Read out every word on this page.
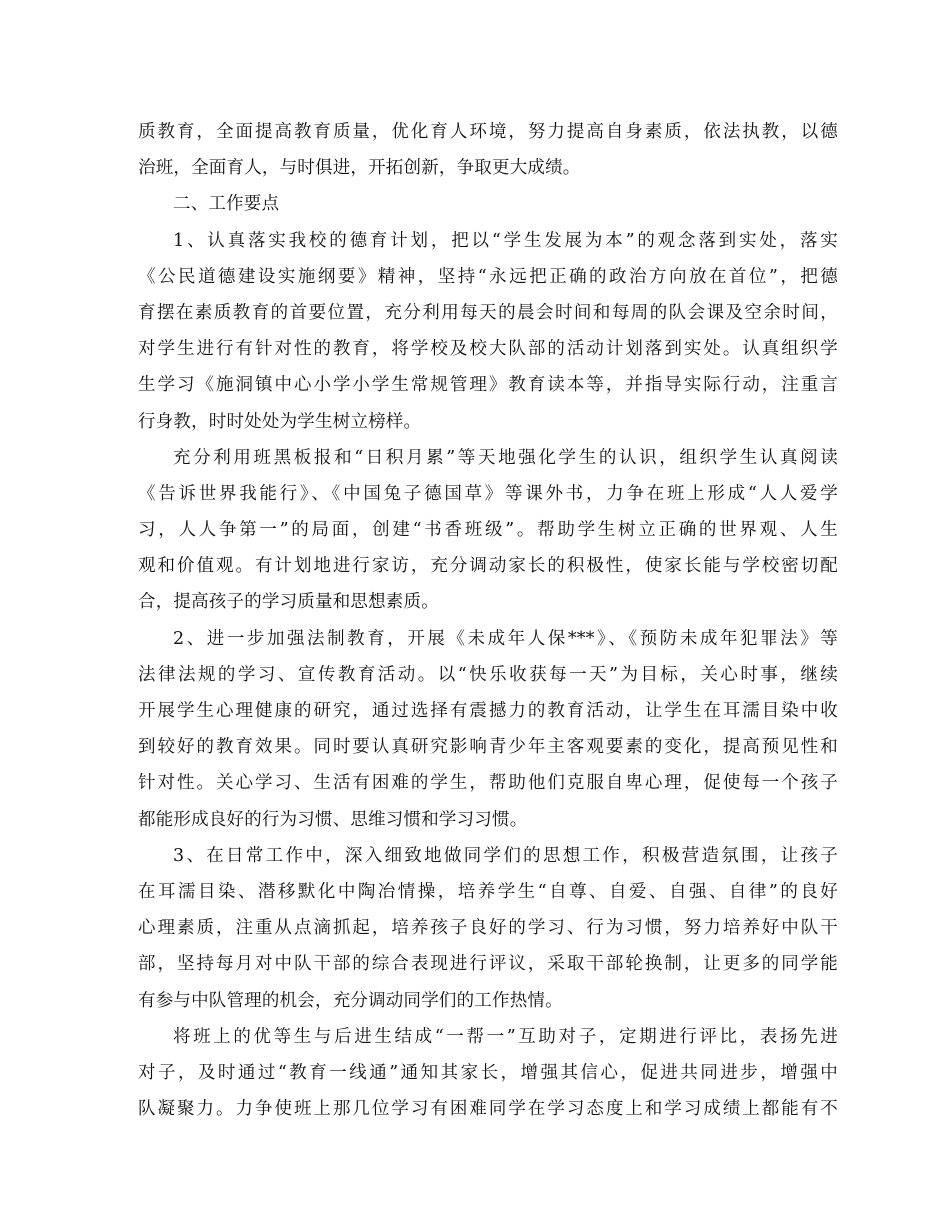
质教育，全面提高教育质量，优化育人环境，努力提高自身素质，依法执教，以德
治班，全面育人，与时俱进，开拓创新，争取更大成绩。
二、工作要点
1、认真落实我校的德育计划，把以“学生发展为本”的观念落到实处，落实
《公民道德建设实施纲要》精神，坚持“永远把正确的政治方向放在首位”，把德
育摆在素质教育的首要位置，充分利用每天的晨会时间和每周的队会课及空余时间，
对学生进行有针对性的教育，将学校及校大队部的活动计划落到实处。认真组织学
生学习《施洞镇中心小学小学生常规管理》教育读本等，并指导实际行动，注重言
行身教，时时处处为学生树立榜样。
充分利用班黑板报和“日积月累”等天地强化学生的认识，组织学生认真阅读
《告诉世界我能行》、《中国兔子德国草》等课外书，力争在班上形成“人人爱学
习，人人争第一”的局面，创建“书香班级”。帮助学生树立正确的世界观、人生
观和价值观。有计划地进行家访，充分调动家长的积极性，使家长能与学校密切配
合，提高孩子的学习质量和思想素质。
2、进一步加强法制教育，开展《未成年人保***》、《预防未成年犯罪法》等
法律法规的学习、宣传教育活动。以“快乐收获每一天”为目标，关心时事，继续
开展学生心理健康的研究，通过选择有震撼力的教育活动，让学生在耳濡目染中收
到较好的教育效果。同时要认真研究影响青少年主客观要素的变化，提高预见性和
针对性。关心学习、生活有困难的学生，帮助他们克服自卑心理，促使每一个孩子
都能形成良好的行为习惯、思维习惯和学习习惯。
3、在日常工作中，深入细致地做同学们的思想工作，积极营造氛围，让孩子
在耳濡目染、潜移默化中陶冶情操，培养学生“自尊、自爱、自强、自律”的良好
心理素质，注重从点滴抓起，培养孩子良好的学习、行为习惯，努力培养好中队干
部，坚持每月对中队干部的综合表现进行评议，采取干部轮换制，让更多的同学能
有参与中队管理的机会，充分调动同学们的工作热情。
将班上的优等生与后进生结成“一帮一”互助对子，定期进行评比，表扬先进
对子，及时通过“教育一线通”通知其家长，增强其信心，促进共同进步，增强中
队凝聚力。力争使班上那几位学习有困难同学在学习态度上和学习成绩上都能有不
